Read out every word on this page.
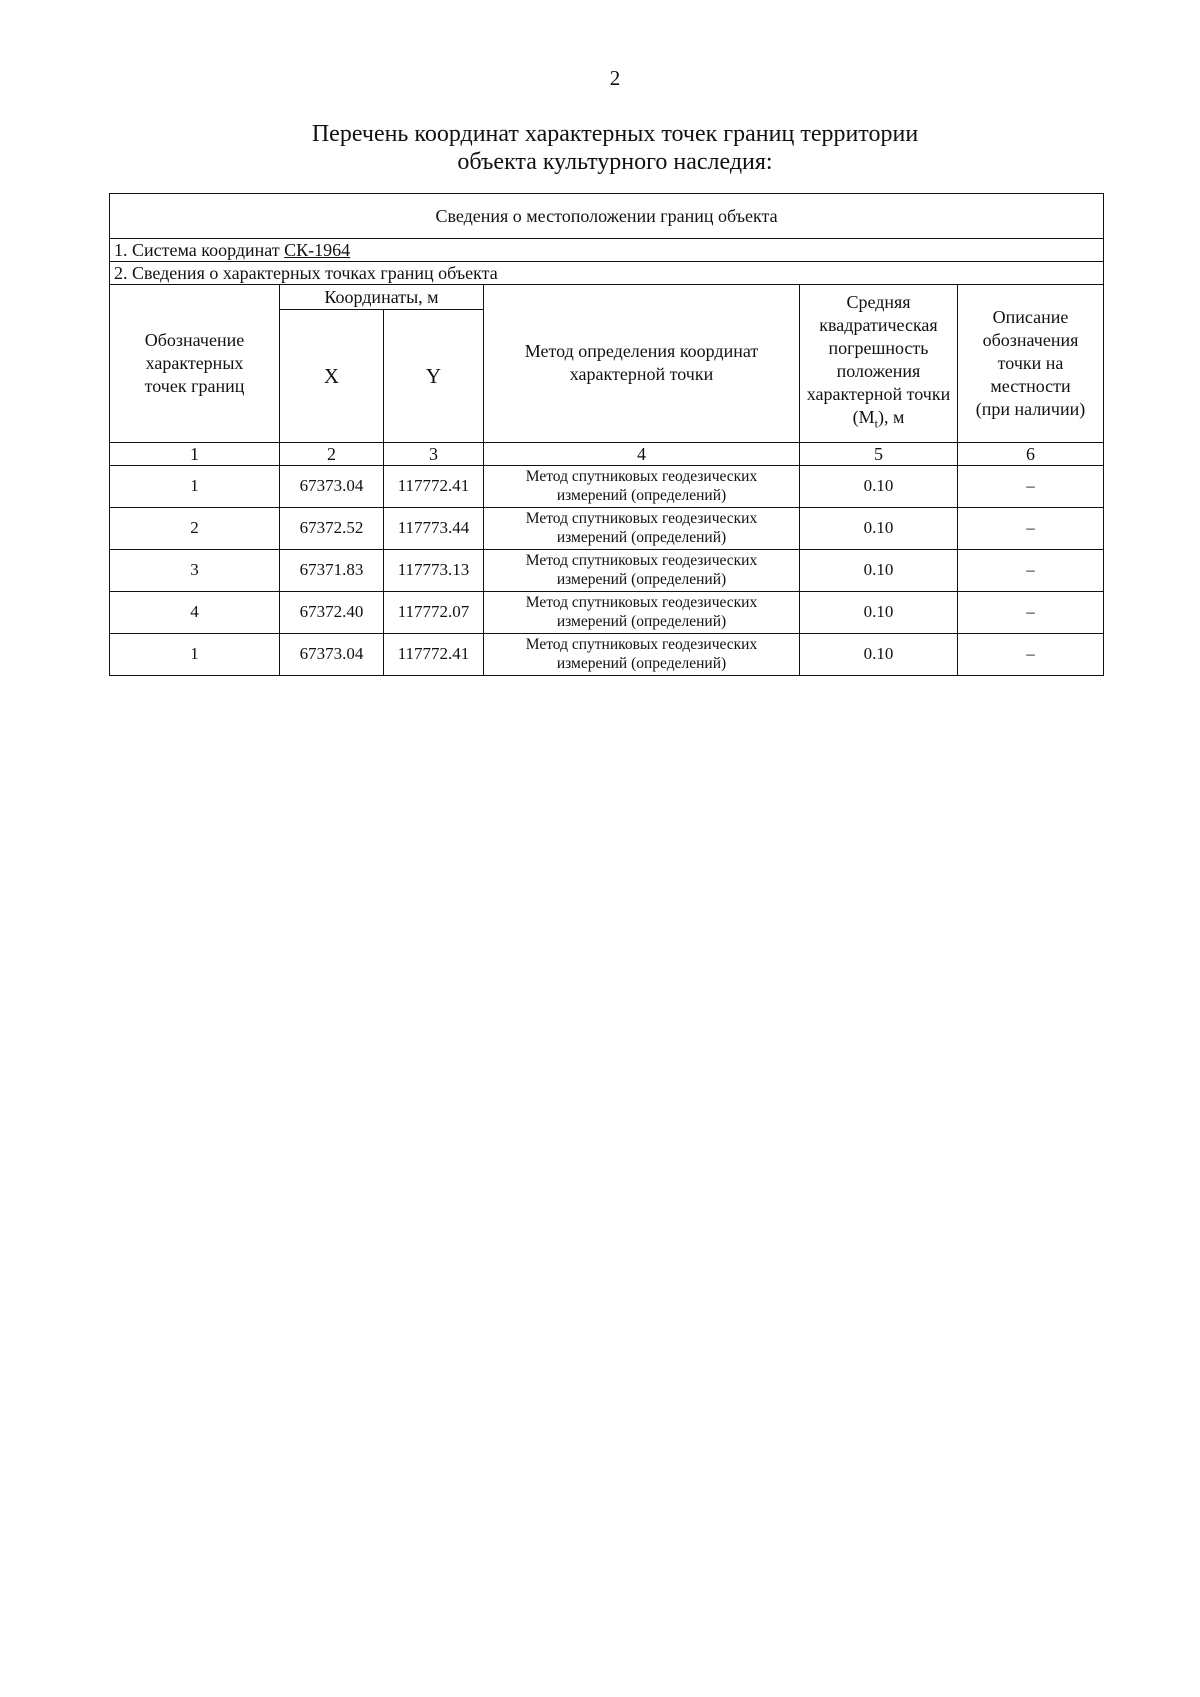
2
Перечень координат характерных точек границ территории
объекта культурного наследия:
Сведения о местоположении границ объекта					
1. Система координат СК-1964					
2. Сведения о характерных точках границ объекта					
Обозначение характерных точек границ	Координаты, м		Метод определения координат характерной точки	Средняя квадратическая погрешность положения характерной точки $(M_t)$, м	Описание обозначения точки на местности (при наличии)
	X	Y			
1	2	3	4	5	6
1	67373.04	117772.41	Метод спутниковых геодезических измерений (определений)	0.10	–
2	67372.52	117773.44	Метод спутниковых геодезических измерений (определений)	0.10	–
3	67371.83	117773.13	Метод спутниковых геодезических измерений (определений)	0.10	–
4	67372.40	117772.07	Метод спутниковых геодезических измерений (определений)	0.10	–
1	67373.04	117772.41	Метод спутниковых геодезических измерений (определений)	0.10	–
